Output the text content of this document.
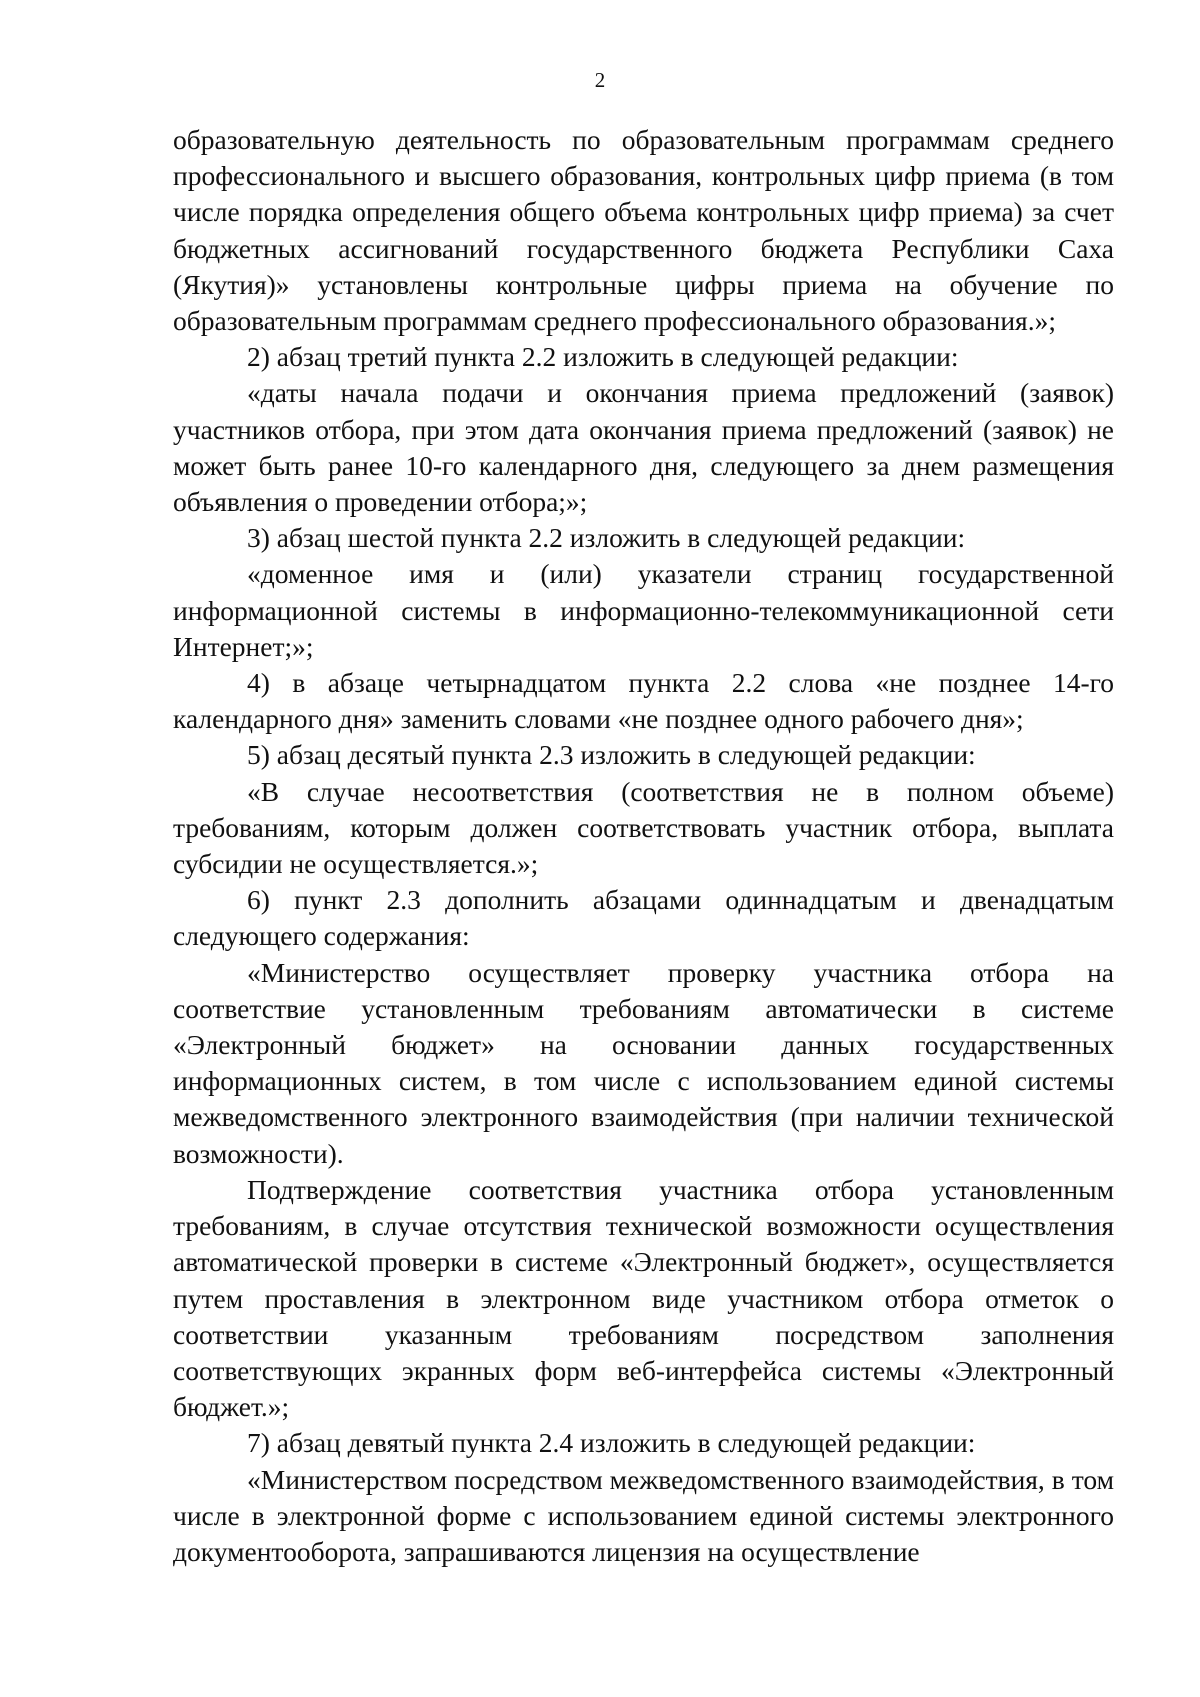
2

образовательную деятельность по образовательным программам среднего профессионального и высшего образования, контрольных цифр приема (в том числе порядка определения общего объема контрольных цифр приема) за счет бюджетных ассигнований государственного бюджета Республики Саха (Якутия)» установлены контрольные цифры приема на обучение по образовательным программам среднего профессионального образования.»;

2) абзац третий пункта 2.2 изложить в следующей редакции:

«даты начала подачи и окончания приема предложений (заявок) участников отбора, при этом дата окончания приема предложений (заявок) не может быть ранее 10-го календарного дня, следующего за днем размещения объявления о проведении отбора;»;

3) абзац шестой пункта 2.2 изложить в следующей редакции:

«доменное имя и (или) указатели страниц государственной информационной системы в информационно-телекоммуникационной сети Интернет;»;

4) в абзаце четырнадцатом пункта 2.2 слова «не позднее 14-го календарного дня» заменить словами «не позднее одного рабочего дня»;

5) абзац десятый пункта 2.3 изложить в следующей редакции:

«В случае несоответствия (соответствия не в полном объеме) требованиям, которым должен соответствовать участник отбора, выплата субсидии не осуществляется.»;

6) пункт 2.3 дополнить абзацами одиннадцатым и двенадцатым следующего содержания:

«Министерство осуществляет проверку участника отбора на соответствие установленным требованиям автоматически в системе «Электронный бюджет» на основании данных государственных информационных систем, в том числе с использованием единой системы межведомственного электронного взаимодействия (при наличии технической возможности).

Подтверждение соответствия участника отбора установленным требованиям, в случае отсутствия технической возможности осуществления автоматической проверки в системе «Электронный бюджет», осуществляется путем проставления в электронном виде участником отбора отметок о соответствии указанным требованиям посредством заполнения соответствующих экранных форм веб-интерфейса системы «Электронный бюджет.»;

7) абзац девятый пункта 2.4 изложить в следующей редакции:

«Министерством посредством межведомственного взаимодействия, в том числе в электронной форме с использованием единой системы электронного документооборота, запрашиваются лицензия на осуществление
